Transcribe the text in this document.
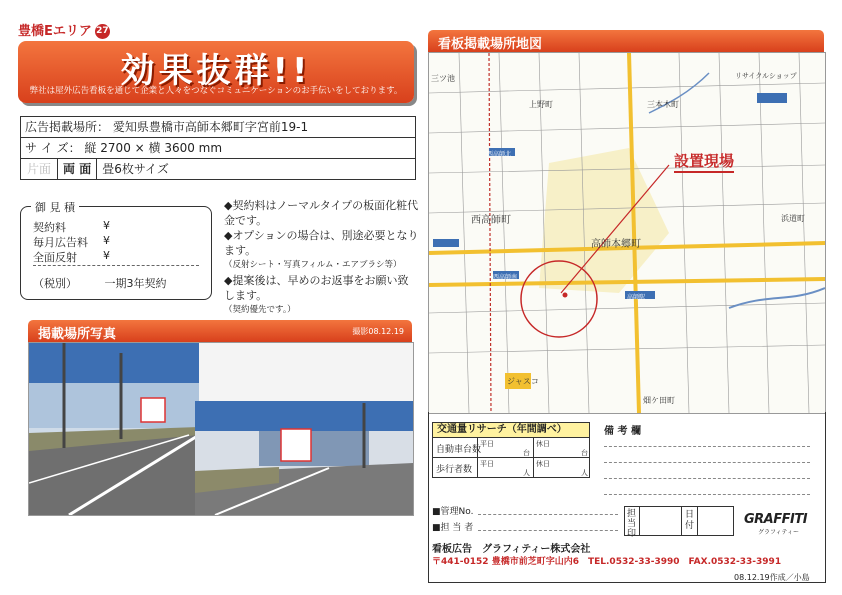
豊橋Eエリア 27
効果抜群!!
弊社は屋外広告看板を通じて企業と人々をつなぐコミュニケーションのお手伝いをしております。
広告掲載場所： 愛知県豊橋市高師本郷町字宮前19-1
サ イ ズ： 縦 2700 × 横 3600 mm
片面 両 面 畳6枚サイズ
御 見 積
契約料	¥
毎月広告料 ¥
全面反射 ¥
（税別）　　　	一期3年契約
◆契約料はノーマルタイプの板面化粧代金です。
◆オプションの場合は、別途必要となります。
（反射シート・写真フィルム・エアブラシ等）
◆提案後は、早めのお返事をお願い致します。
（契約優先です。）
掲載場所写真	撮影08.12.19
看板掲載場所地図
三本木町
西高師町
高師本郷町
浜道町
畑ケ田町
上野町
三ツ池
西高師北
西高師南
ジャスコ
高師駅
リサイクルショップ
設置現場
交通量リサーチ（年間調べ）
自動車台数
平日
台
休日
台
歩行者数
平日
人
休日
人
備 考 欄
■管理No.
■担 当 者
担当印
日付	GRAFFITI
グラフィティー
看板広告　グラフィティー株式会社
〒441-0152 豊橋市前芝町字山内6　 TEL.0532-33-3990　 FAX.0532-33-3991
08.12.19作成／小島
